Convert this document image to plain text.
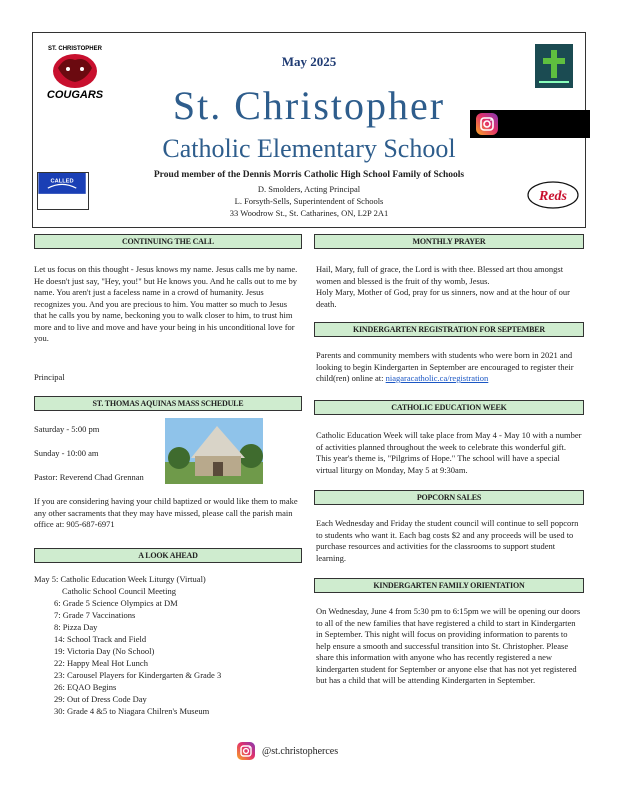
ST. CHRISTOPHER
COUGARS
CALLED
Reds
May 2025
St. Christopher
Catholic Elementary School
Proud member of the Dennis Morris Catholic High School Family of Schools
D. Smolders, Acting Principal
L. Forsyth-Sells, Superintendent of Schools
33 Woodrow St., St. Catharines, ON, L2P 2A1
CONTINUING THE CALL
Let us focus on this thought - Jesus knows my name. Jesus calls me by name. He doesn't just say, "Hey, you!" but He knows you. And he calls out to me by name. You aren't just a faceless name in a crowd of humanity. Jesus recognizes you. And you are precious to him. You matter so much to Jesus that he calls you by name, beckoning you to walk closer to him, to trust him more and to live and move and have your being in his unconditional love for you.
Principal
ST. THOMAS AQUINAS MASS SCHEDULE
Saturday - 5:00 pm
Sunday - 10:00 am
Pastor: Reverend Chad Grennan
If you are considering having your child baptized or would like them to make any other sacraments that they may have missed, please call the parish main office at: 905-687-6971
A LOOK AHEAD
May 5: Catholic Education Week Liturgy (Virtual)
Catholic School Council Meeting
6: Grade 5 Science Olympics at DM
7: Grade 7 Vaccinations
8: Pizza Day
14: School Track and Field
19: Victoria Day (No School)
22: Happy Meal Hot Lunch
23: Carousel Players for Kindergarten & Grade 3
26: EQAO Begins
29: Out of Dress Code Day
30: Grade 4 &5 to Niagara Chilren's Museum
MONTHLY PRAYER
Hail, Mary, full of grace, the Lord is with thee. Blessed art thou amongst women and blessed is the fruit of thy womb, Jesus.
Holy Mary, Mother of God, pray for us sinners, now and at the hour of our death.
KINDERGARTEN REGISTRATION FOR SEPTEMBER
Parents and community members with students who were born in 2021 and looking to begin Kindergarten in September are encouraged to register their child(ren) online at: niagaracatholic.ca/registration
CATHOLIC EDUCATION WEEK
Catholic Education Week will take place from May 4 - May 10 with a number of activities planned throughout the week to celebrate this wonderful gift. This year's theme is, "Pilgrims of Hope." The school will have a special virtual liturgy on Monday, May 5 at 9:30am.
POPCORN SALES
Each Wednesday and Friday the student council will continue to sell popcorn to students who want it. Each bag costs $2 and any proceeds will be used to purchase resources and activities for the classrooms to support student learning.
KINDERGARTEN FAMILY ORIENTATION
On Wednesday, June 4 from 5:30 pm to 6:15pm we will be opening our doors to all of the new families that have registered a child to start in Kindergarten in September. This night will focus on providing information to parents to help ensure a smooth and successful transition into St. Christopher. Please share this information with anyone who has recently registered a new kindergarten student for September or anyone else that has not yet registered but has a child that will be attending Kindergarten in September.
@st.christopherces
